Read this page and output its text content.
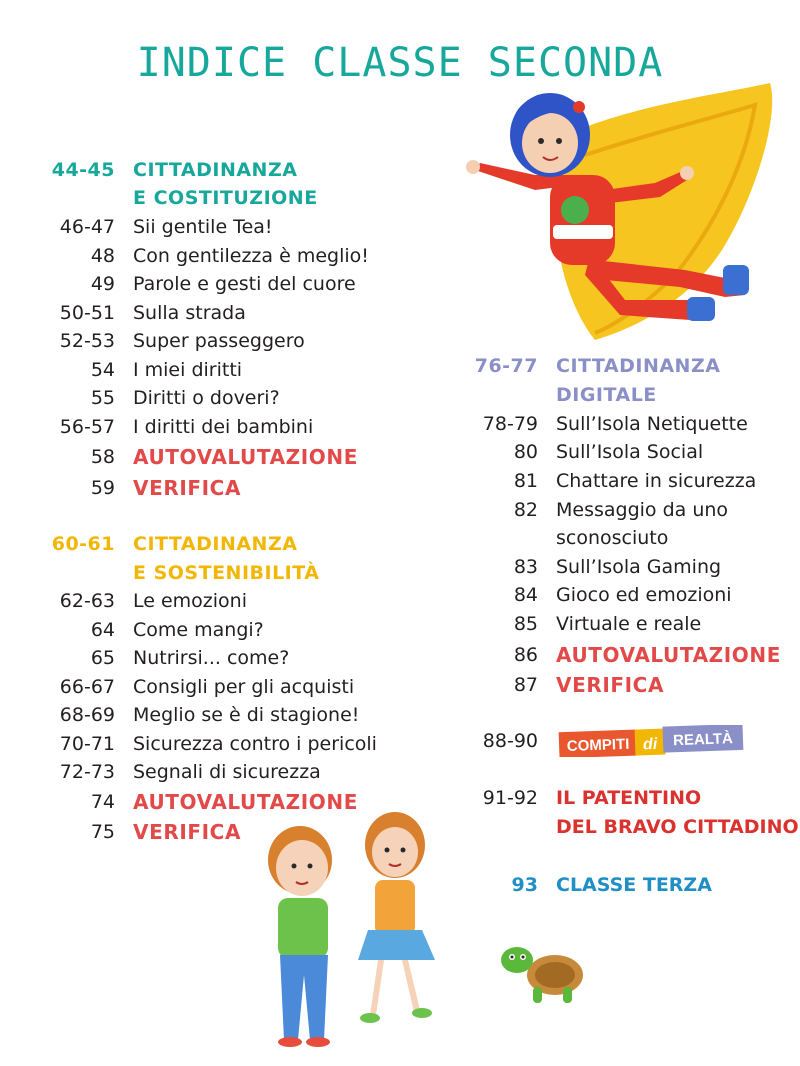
INDICE CLASSE SECONDA
44-45 CITTADINANZA
E COSTITUZIONE
46-47 Sii gentile Tea!
48 Con gentilezza è meglio!
49 Parole e gesti del cuore
50-51 Sulla strada
52-53 Super passeggero
54 I miei diritti
55 Diritti o doveri?
56-57 I diritti dei bambini
58 AUTOVALUTAZIONE
59 VERIFICA
60-61 CITTADINANZA
E SOSTENIBILITÀ
62-63 Le emozioni
64 Come mangi?
65 Nutrirsi... come?
66-67 Consigli per gli acquisti
68-69 Meglio se è di stagione!
70-71 Sicurezza contro i pericoli
72-73 Segnali di sicurezza
74 AUTOVALUTAZIONE
75 VERIFICA
76-77 CITTADINANZA
DIGITALE
78-79 Sull’Isola Netiquette
80 Sull’Isola Social
81 Chattare in sicurezza
82 Messaggio da uno
sconosciuto
83 Sull’Isola Gaming
84 Gioco ed emozioni
85 Virtuale e reale
86 AUTOVALUTAZIONE
87 VERIFICA
88-90 COMPITI di REALTÀ
91-92 IL PATENTINO
DEL BRAVO CITTADINO
93 CLASSE TERZA
